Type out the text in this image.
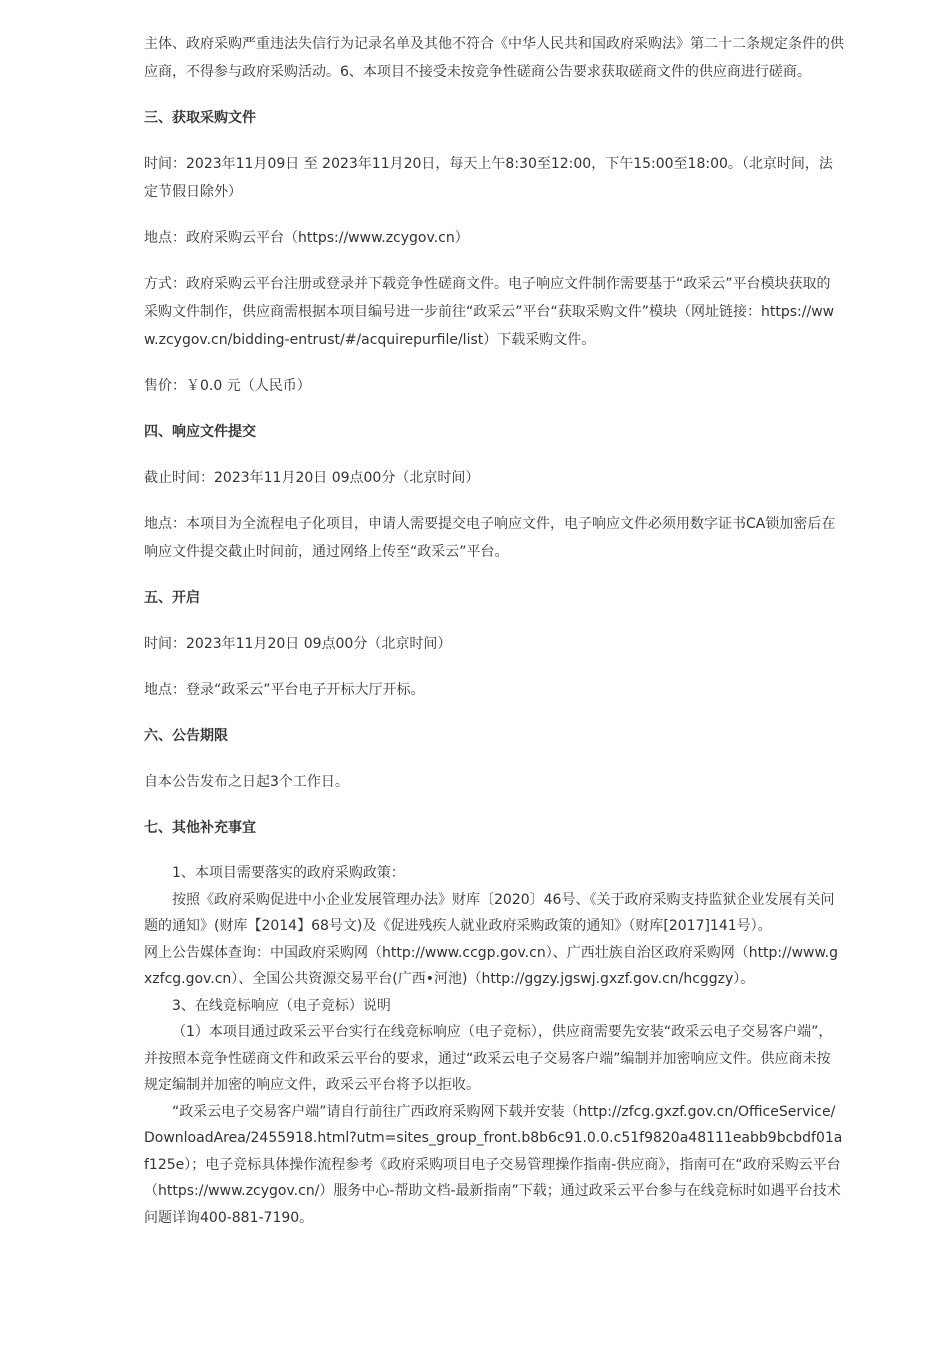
主体、政府采购严重违法失信行为记录名单及其他不符合《中华人民共和国政府采购法》第二十二条规定条件的供应商，不得参与政府采购活动。6、本项目不接受未按竞争性磋商公告要求获取磋商文件的供应商进行磋商。

三、获取采购文件

时间：2023年11月09日 至 2023年11月20日，每天上午8:30至12:00，下午15:00至18:00。（北京时间，法定节假日除外）

地点：政府采购云平台（https://www.zcygov.cn）

方式：政府采购云平台注册或登录并下载竞争性磋商文件。电子响应文件制作需要基于“政采云”平台模块获取的采购文件制作，供应商需根据本项目编号进一步前往“政采云”平台“获取采购文件”模块（网址链接：https://www.zcygov.cn/bidding-entrust/#/acquirepurfile/list）下载采购文件。

售价：￥0.0 元（人民币）

四、响应文件提交

截止时间：2023年11月20日 09点00分（北京时间）

地点：本项目为全流程电子化项目，申请人需要提交电子响应文件，电子响应文件必须用数字证书CA锁加密后在响应文件提交截止时间前，通过网络上传至“政采云”平台。

五、开启

时间：2023年11月20日 09点00分（北京时间）

地点：登录“政采云”平台电子开标大厅开标。

六、公告期限

自本公告发布之日起3个工作日。

七、其他补充事宜

1、本项目需要落实的政府采购政策：

按照《政府采购促进中小企业发展管理办法》财库〔2020〕46号、《关于政府采购支持监狱企业发展有关问题的通知》(财库【2014】68号文)及《促进残疾人就业政府采购政策的通知》（财库[2017]141号）。

网上公告媒体查询：中国政府采购网（http://www.ccgp.gov.cn）、广西壮族自治区政府采购网（http://www.gxzfcg.gov.cn）、全国公共资源交易平台(广西•河池)（http://ggzy.jgswj.gxzf.gov.cn/hcggzy）。

3、在线竞标响应（电子竞标）说明

（1）本项目通过政采云平台实行在线竞标响应（电子竞标），供应商需要先安装“政采云电子交易客户端”，并按照本竞争性磋商文件和政采云平台的要求，通过“政采云电子交易客户端”编制并加密响应文件。供应商未按规定编制并加密的响应文件，政采云平台将予以拒收。

“政采云电子交易客户端”请自行前往广西政府采购网下载并安装（http://zfcg.gxzf.gov.cn/OfficeService/DownloadArea/2455918.html?utm=sites_group_front.b8b6c91.0.0.c51f9820a48111eabb9bcbdf01af125e）；电子竞标具体操作流程参考《政府采购项目电子交易管理操作指南-供应商》，指南可在“政府采购云平台（https://www.zcygov.cn/）服务中心-帮助文档-最新指南”下载；通过政采云平台参与在线竞标时如遇平台技术问题详询400-881-7190。
